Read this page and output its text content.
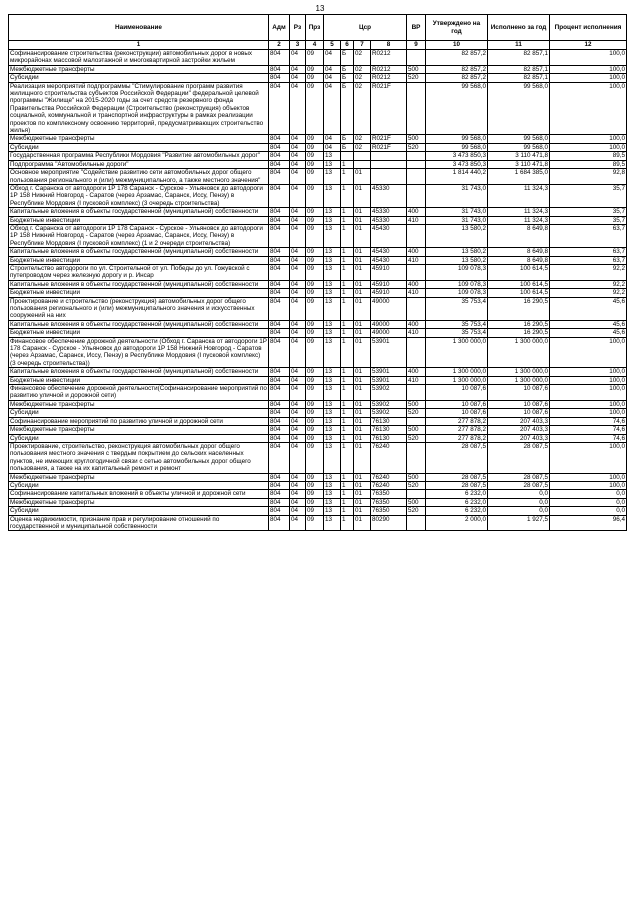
13
Наименование	Адм	Рз	Прз	Цср				ВР	Утверждено на год	Исполнено за год	Процент исполнения
1	2	3	4	5	6	7	8	9	10	11	12
Софинансирование строительства (реконструкции) автомобильных дорог в новых микрорайонах массовой малоэтажной и многоквартирной застройки жильем	804	04	09	04	Б	02	R0212		82 857,2	82 857,1	100,0
Межбюджетные трансферты	804	04	09	04	Б	02	R0212	500	82 857,2	82 857,1	100,0
Субсидии	804	04	09	04	Б	02	R0212	520	82 857,2	82 857,1	100,0
Реализация мероприятий подпрограммы "Стимулирование программ развития жилищного строительства субъектов Российской Федерации" федеральной целевой программы "Жилище" на 2015-2020 годы за счет средств резервного фонда Правительства Российской Федерации (Строительство (реконструкция) объектов социальной, коммунальной и транспортной инфраструктуры в рамках реализации проектов по комплексному освоению территорий, предусматривающих строительство жилья)	804	04	09	04	Б	02	R021F		99 568,0	99 568,0	100,0
Межбюджетные трансферты	804	04	09	04	Б	02	R021F	500	99 568,0	99 568,0	100,0
Субсидии	804	04	09	04	Б	02	R021F	520	99 568,0	99 568,0	100,0
Государственная программа Республики Мордовия "Развитие автомобильных дорог"	804	04	09	13					3 473 850,3	3 110 471,8	89,5
Подпрограмма "Автомобильные дороги"	804	04	09	13	1				3 473 850,3	3 110 471,8	89,5
Основное мероприятие "Содействие развитию сети автомобильных дорог общего пользования регионального и (или) межмуниципального, а также местного значения"	804	04	09	13	1	01			1 814 440,2	1 684 385,0	92,8
Обход г. Саранска от автодороги 1Р 178 Саранск - Сурское - Ульяновск до автодороги 1Р 158 Нижний Новгород - Саратов (через Арзамас, Саранск, Иссу, Пензу) в Республике Мордовия (I пусковой комплекс) (3 очередь строительства)	804	04	09	13	1	01	45330		31 743,0	11 324,3	35,7
Капитальные вложения в объекты государственной (муниципальной) собственности	804	04	09	13	1	01	45330	400	31 743,0	11 324,3	35,7
Бюджетные инвестиции	804	04	09	13	1	01	45330	410	31 743,0	11 324,3	35,7
Обход г. Саранска от автодороги 1Р 178 Саранск - Сурское - Ульяновск до автодороги 1Р 158 Нижний Новгород - Саратов (через Арзамас, Саранск, Иссу, Пензу) в Республике Мордовия (I пусковой комплекс) (1 и 2 очереди строительства)	804	04	09	13	1	01	45430		13 580,2	8 649,8	63,7
Капитальные вложения в объекты государственной (муниципальной) собственности	804	04	09	13	1	01	45430	400	13 580,2	8 649,8	63,7
Бюджетные инвестиции	804	04	09	13	1	01	45430	410	13 580,2	8 649,8	63,7
Строительство автодороги по ул. Строительной от ул. Победы до ул. Гожувской с путепроводом через железную дорогу и р. Инсар	804	04	09	13	1	01	45910		109 078,3	100 614,5	92,2
Капитальные вложения в объекты государственной (муниципальной) собственности	804	04	09	13	1	01	45910	400	109 078,3	100 614,5	92,2
Бюджетные инвестиции	804	04	09	13	1	01	45910	410	109 078,3	100 614,5	92,2
Проектирование и строительство (реконструкция) автомобильных дорог общего пользования регионального и (или) межмуниципального значения и искусственных сооружений на них	804	04	09	13	1	01	49000		35 753,4	16 290,5	45,6
Капитальные вложения в объекты государственной (муниципальной) собственности	804	04	09	13	1	01	49000	400	35 753,4	16 290,5	45,6
Бюджетные инвестиции	804	04	09	13	1	01	49000	410	35 753,4	16 290,5	45,6
Финансовое обеспечение дорожной деятельности (Обход г. Саранска от автодороги 1Р 178 Саранск - Сурское - Ульяновск до автодороги 1Р 158 Нижний Новгород - Саратов (через Арзамас, Саранск, Иссу, Пензу) в Республике Мордовия (I пусковой комплекс) (3 очередь строительства))	804	04	09	13	1	01	53901		1 300 000,0	1 300 000,0	100,0
Капитальные вложения в объекты государственной (муниципальной) собственности	804	04	09	13	1	01	53901	400	1 300 000,0	1 300 000,0	100,0
Бюджетные инвестиции	804	04	09	13	1	01	53901	410	1 300 000,0	1 300 000,0	100,0
Финансовое обеспечение дорожной деятельности(Софинансирование мероприятий по развитию уличной и дорожной сети)	804	04	09	13	1	01	53902		10 087,6	10 087,6	100,0
Межбюджетные трансферты	804	04	09	13	1	01	53902	500	10 087,6	10 087,6	100,0
Субсидии	804	04	09	13	1	01	53902	520	10 087,6	10 087,6	100,0
Софинансирование мероприятий по развитию уличной и дорожной сети	804	04	09	13	1	01	76130		277 878,2	207 403,3	74,6
Межбюджетные трансферты	804	04	09	13	1	01	76130	500	277 878,2	207 403,3	74,6
Субсидии	804	04	09	13	1	01	76130	520	277 878,2	207 403,3	74,6
Проектирование, строительство, реконструкция автомобильных дорог общего пользования местного значения с твердым покрытием до сельских населенных пунктов, не имеющих круглогодичной связи с сетью автомобильных дорог общего пользования, а также на их капитальный ремонт и ремонт	804	04	09	13	1	01	76240		28 087,5	28 087,5	100,0
Межбюджетные трансферты	804	04	09	13	1	01	76240	500	28 087,5	28 087,5	100,0
Субсидии	804	04	09	13	1	01	76240	520	28 087,5	28 087,5	100,0
Софинансирование капитальных вложений в объекты уличной и дорожной сети	804	04	09	13	1	01	76350		6 232,0	0,0	0,0
Межбюджетные трансферты	804	04	09	13	1	01	76350	500	6 232,0	0,0	0,0
Субсидии	804	04	09	13	1	01	76350	520	6 232,0	0,0	0,0
Оценка недвижимости, признание прав и регулирование отношений по государственной и муниципальной собственности	804	04	09	13	1	01	80290		2 000,0	1 927,5	96,4
